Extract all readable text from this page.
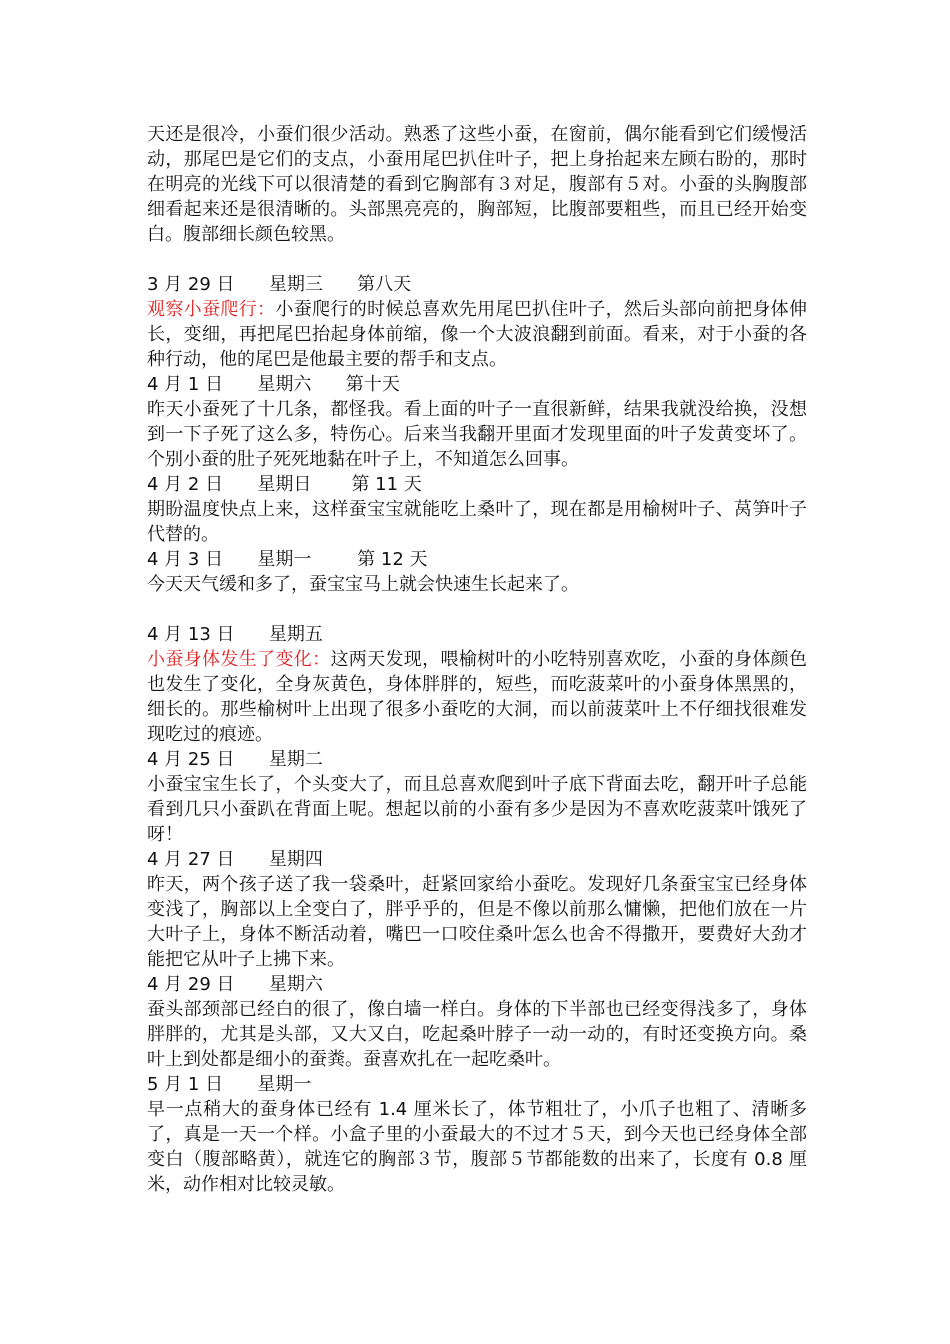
天还是很冷，小蚕们很少活动。熟悉了这些小蚕，在窗前，偶尔能看到它们缓慢活动，那尾巴是它们的支点，小蚕用尾巴扒住叶子，把上身抬起来左顾右盼的，那时在明亮的光线下可以很清楚的看到它胸部有３对足，腹部有５对。小蚕的头胸腹部细看起来还是很清晰的。头部黑亮亮的，胸部短，比腹部要粗些，而且已经开始变白。腹部细长颜色较黑。

3 月 29 日      星期三      第八天

观察小蚕爬行：小蚕爬行的时候总喜欢先用尾巴扒住叶子，然后头部向前把身体伸长，变细，再把尾巴抬起身体前缩，像一个大波浪翻到前面。看来，对于小蚕的各种行动，他的尾巴是他最主要的帮手和支点。

4 月 1 日      星期六      第十天

昨天小蚕死了十几条，都怪我。看上面的叶子一直很新鲜，结果我就没给换，没想到一下子死了这么多，特伤心。后来当我翻开里面才发现里面的叶子发黄变坏了。个别小蚕的肚子死死地黏在叶子上，不知道怎么回事。

4 月 2 日      星期日       第 11 天

期盼温度快点上来，这样蚕宝宝就能吃上桑叶了，现在都是用榆树叶子、莴笋叶子代替的。

4 月 3 日      星期一        第 12 天

今天天气缓和多了，蚕宝宝马上就会快速生长起来了。

4 月 13 日      星期五

小蚕身体发生了变化：这两天发现，喂榆树叶的小吃特别喜欢吃，小蚕的身体颜色也发生了变化，全身灰黄色，身体胖胖的，短些，而吃菠菜叶的小蚕身体黑黑的，细长的。那些榆树叶上出现了很多小蚕吃的大洞，而以前菠菜叶上不仔细找很难发现吃过的痕迹。

4 月 25 日      星期二

小蚕宝宝生长了，个头变大了，而且总喜欢爬到叶子底下背面去吃，翻开叶子总能看到几只小蚕趴在背面上呢。想起以前的小蚕有多少是因为不喜欢吃菠菜叶饿死了呀！

4 月 27 日      星期四

昨天，两个孩子送了我一袋桑叶，赶紧回家给小蚕吃。发现好几条蚕宝宝已经身体变浅了，胸部以上全变白了，胖乎乎的，但是不像以前那么慵懒，把他们放在一片大叶子上，身体不断活动着，嘴巴一口咬住桑叶怎么也舍不得撒开，要费好大劲才能把它从叶子上拂下来。

4 月 29 日      星期六

蚕头部颈部已经白的很了，像白墙一样白。身体的下半部也已经变得浅多了，身体胖胖的，尤其是头部，又大又白，吃起桑叶脖子一动一动的，有时还变换方向。桑叶上到处都是细小的蚕粪。蚕喜欢扎在一起吃桑叶。

5 月 1 日      星期一

早一点稍大的蚕身体已经有 1.4 厘米长了，体节粗壮了，小爪子也粗了、清晰多了，真是一天一个样。小盒子里的小蚕最大的不过才５天，到今天也已经身体全部变白（腹部略黄），就连它的胸部３节，腹部５节都能数的出来了，长度有 0.8 厘米，动作相对比较灵敏。
